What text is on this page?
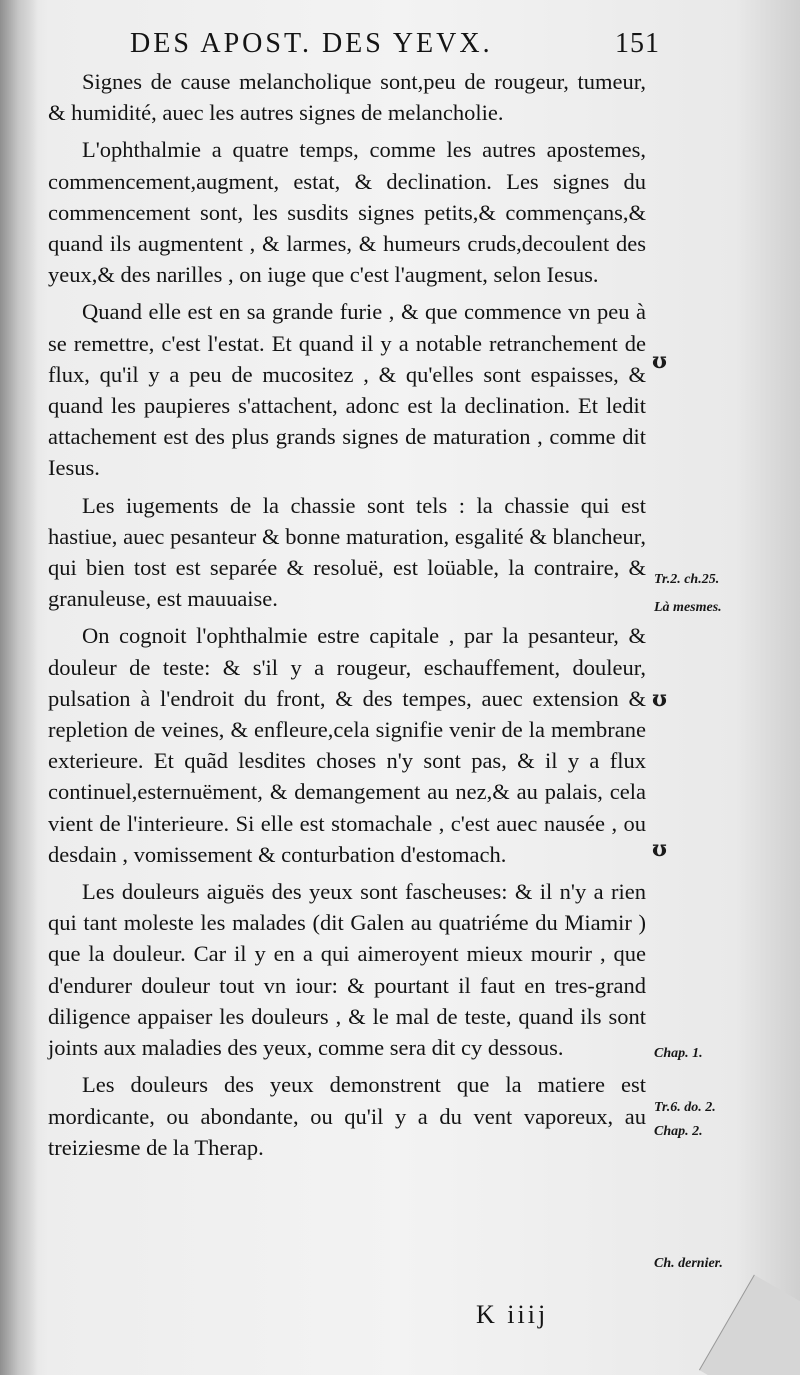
DES APOST. DES YEVX.	151

Signes de cause melancholique sont,peu de rougeur, tumeur, & humidité, auec les autres signes de melancholie.

L'ophthalmie a quatre temps, comme les autres apostemes, commencement,augment, estat, & declination. Les signes du commencement sont, les susdits signes petits,& commençans,& quand ils augmentent , & larmes, & humeurs cruds,decoulent des yeux,& des narilles , on iuge que c'est l'augment, selon Iesus.

Quand elle est en sa grande furie , & que commence vn peu à se remettre, c'est l'estat. Et quand il y a notable retranchement de flux, qu'il y a peu de mucositez , & qu'elles sont espaisses, & quand les paupieres s'attachent, adonc est la declination. Et ledit attachement est des plus grands signes de maturation , comme dit Iesus.

Les iugements de la chassie sont tels : la chassie qui est hastiue, auec pesanteur & bonne maturation, esgalité & blancheur, qui bien tost est separée & resoluë, est loüable, la contraire, & granuleuse, est mauuaise.

On cognoit l'ophthalmie estre capitale , par la pesanteur, & douleur de teste: & s'il y a rougeur, eschauffement, douleur, pulsation à l'endroit du front, & des tempes, auec extension & repletion de veines, & enfleure,cela signifie venir de la membrane exterieure. Et quãd lesdites choses n'y sont pas, & il y a flux continuel,esternuëment, & demangement au nez,& au palais, cela vient de l'interieure. Si elle est stomachale , c'est auec nausée , ou desdain , vomissement & conturbation d'estomach.

Les douleurs aiguës des yeux sont fascheuses: & il n'y a rien qui tant moleste les malades (dit Galen au quatriéme du Miamir ) que la douleur. Car il y en a qui aimeroyent mieux mourir , que d'endurer douleur tout vn iour: & pourtant il faut en tres-grand diligence appaiser les douleurs , & le mal de teste, quand ils sont joints aux maladies des yeux, comme sera dit cy dessous.

Les douleurs des yeux demonstrent que la matiere est mordicante, ou abondante, ou qu'il y a du vent vaporeux, au treiziesme de la Therap.

ʊ
ʊ
ʊ
Tr.2. ch.25.
Là mesmes.
Chap. 1.
Tr.6. do. 2.
Chap. 2.
Ch. dernier.
K iiij
